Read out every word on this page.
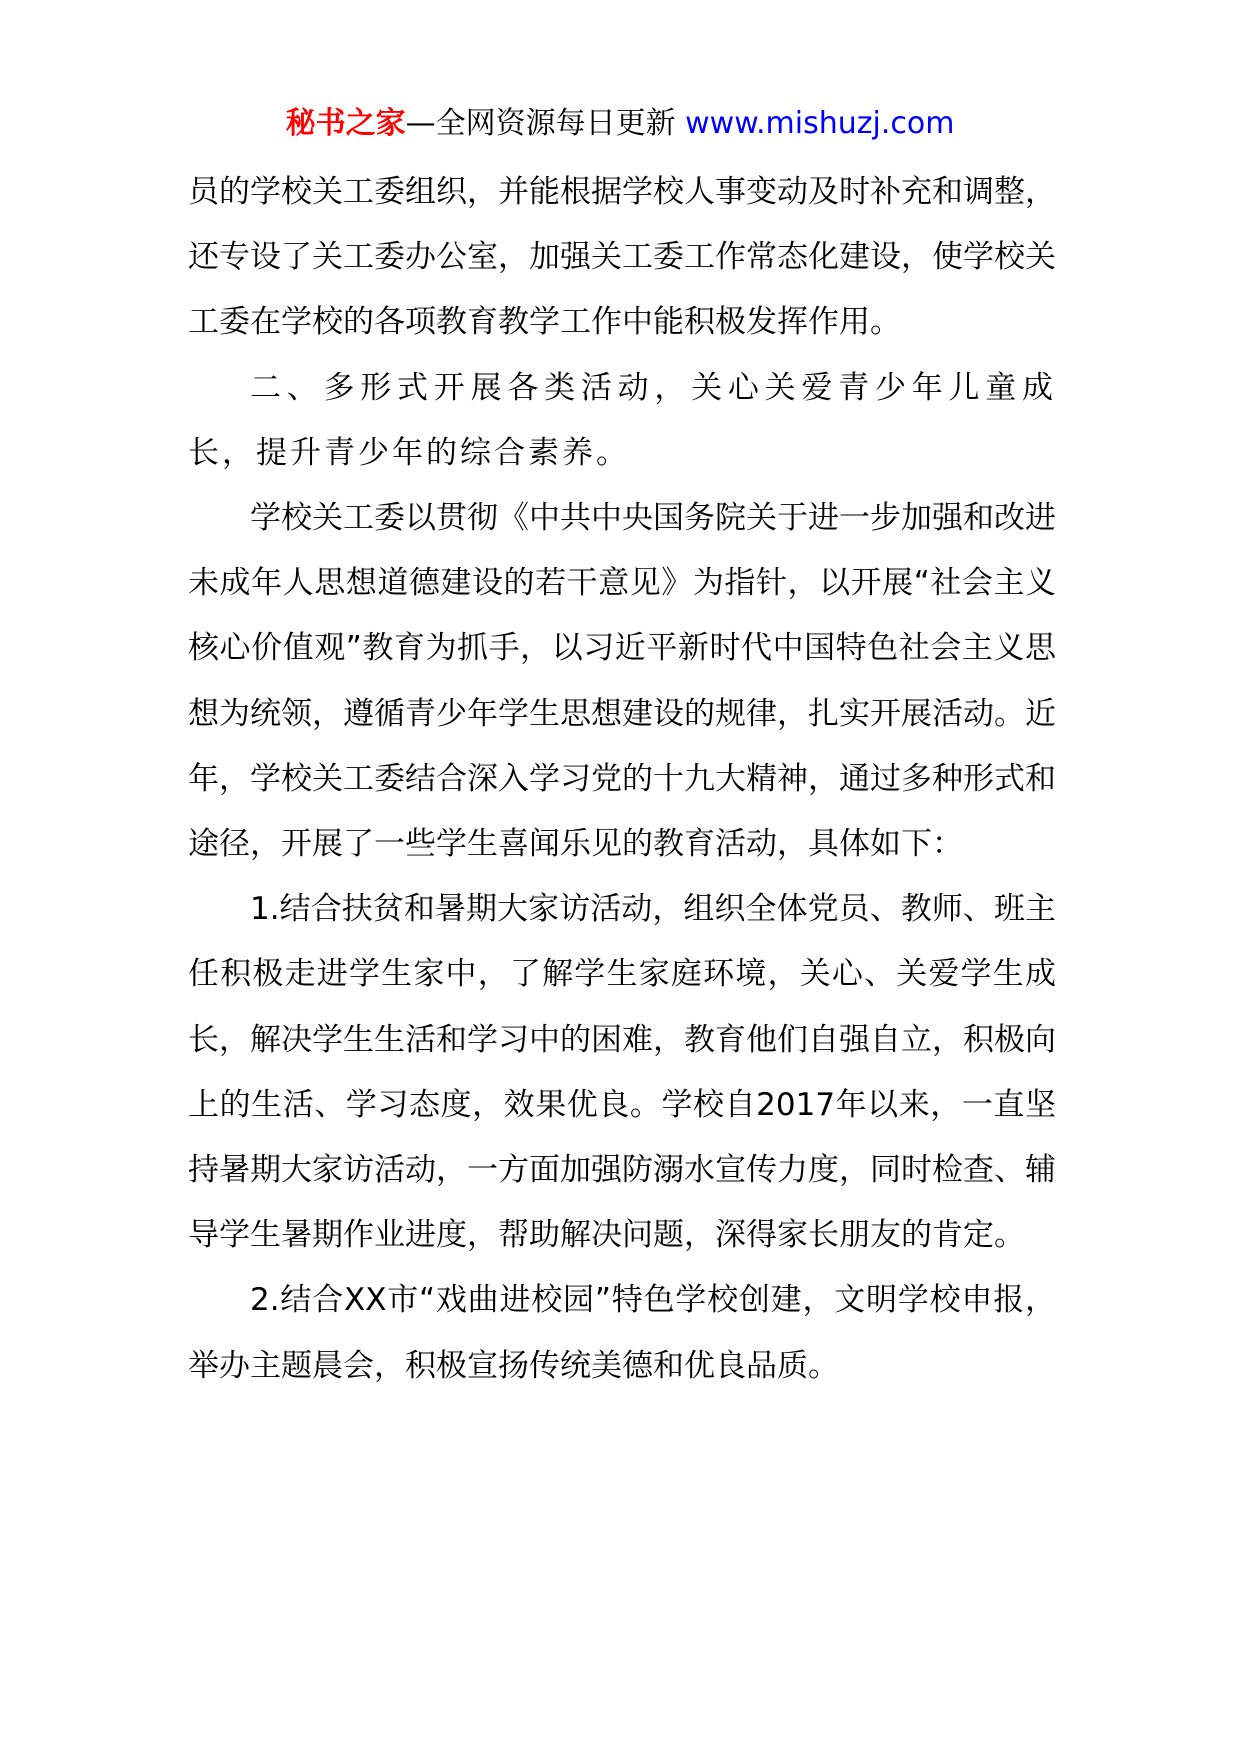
秘书之家—全网资源每日更新 www.mishuzj.com

员的学校关工委组织，并能根据学校人事变动及时补充和调整，还专设了关工委办公室，加强关工委工作常态化建设，使学校关工委在学校的各项教育教学工作中能积极发挥作用。

二、多形式开展各类活动，关心关爱青少年儿童成长，提升青少年的综合素养。

学校关工委以贯彻《中共中央国务院关于进一步加强和改进未成年人思想道德建设的若干意见》为指针，以开展“社会主义核心价值观”教育为抓手，以习近平新时代中国特色社会主义思想为统领，遵循青少年学生思想建设的规律，扎实开展活动。近年，学校关工委结合深入学习党的十九大精神，通过多种形式和途径，开展了一些学生喜闻乐见的教育活动，具体如下：

1.结合扶贫和暑期大家访活动，组织全体党员、教师、班主任积极走进学生家中，了解学生家庭环境，关心、关爱学生成长，解决学生生活和学习中的困难，教育他们自强自立，积极向上的生活、学习态度，效果优良。学校自2017年以来，一直坚持暑期大家访活动，一方面加强防溺水宣传力度，同时检查、辅导学生暑期作业进度，帮助解决问题，深得家长朋友的肯定。

2.结合XX市“戏曲进校园”特色学校创建，文明学校申报，举办主题晨会，积极宣扬传统美德和优良品质。
